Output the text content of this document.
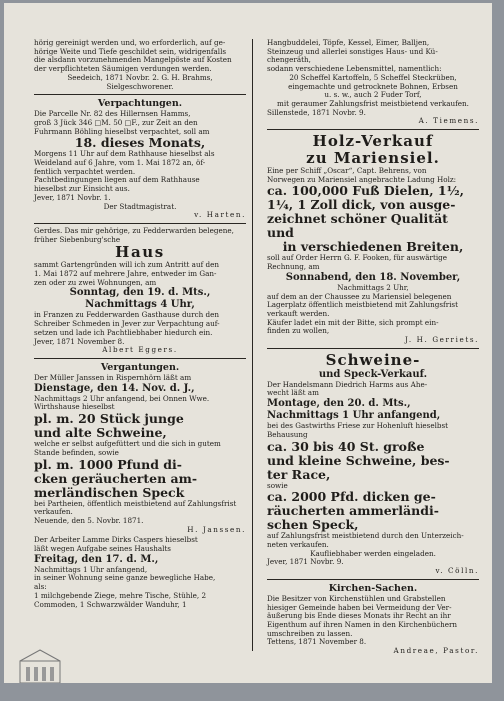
hörig gereinigt werden und, wo erforderlich, auf ge-

hörige Weite und Tiefe geschildet sein, widrigenfalls

die alsdann vorzunehmenden Mangelpöste auf Kosten

der verpflichteten Säumigen verdungen werden.

Seedeich, 1871 Novbr. 2. G. H. Brahms,

Sielgeschworener.

Verpachtungen.

Die Parcelle Nr. 82 des Hillernsen Hamms,

groß 3 Jück 346 □M. 50 □F., zur Zeit an den

Fuhrmann Böhling hieselbst verpachtet, soll am

18. dieses Monats,

Morgens 11 Uhr auf dem Rathhause hieselbst als

Weideland auf 6 Jahre, vom 1. Mai 1872 an, öf-

fentlich verpachtet werden.

Pachtbedingungen liegen auf dem Rathhause

hieselbst zur Einsicht aus.

Jever, 1871 Novbr. 1.

Der Stadtmagistrat.

v. Harten.

Gerdes. Das mir gehörige, zu Fedderwarden belegene,

früher Siebenburg'sche

Haus

sammt Gartengründen will ich zum Antritt auf den

1. Mai 1872 auf mehrere Jahre, entweder im Gan-

zen oder zu zwei Wohnungen, am

Sonntag, den 19. d. Mts.,

Nachmittags 4 Uhr,

in Franzen zu Fedderwarden Gasthause durch den

Schreiber Schmeden in Jever zur Verpachtung auf-

setzen und lade ich Pachtliebhaber hiedurch ein.

Jever, 1871 November 8.

Albert Eggers.

Vergantungen.

Der Müller Janssen in Rispernhörn läßt am

Dienstage, den 14. Nov. d. J.,

Nachmittags 2 Uhr anfangend, bei Onnen Wwe.

Wirthshause hieselbst

pl. m. 20 Stück junge

und alte Schweine,

welche er selbst aufgefüttert und die sich in gutem

Stande befinden, sowie

pl. m. 1000 Pfund di-

cken geräucherten am-

merländischen Speck

bei Partheien, öffentlich meistbietend auf Zahlungsfrist

verkaufen.

Neuende, den 5. Novbr. 1871.

H. Janssen.

Der Arbeiter Lamme Dirks Caspers hieselbst

läßt wegen Aufgabe seines Haushalts

Freitag, den 17. d. M.,

Nachmittags 1 Uhr anfangend,

in seiner Wohnung seine ganze bewegliche Habe,

als:

1 milchgebende Ziege, mehre Tische, Stühle, 2 Commoden, 1 Schwarzwälder Wanduhr, 1

Hangbuddelei, Töpfe, Kessel, Eimer, Balljen,

Steinzeug und allerlei sonstiges Haus- und Kü-

chengeräth,

sodann verschiedene Lebensmittel, namentlich:

20 Scheffel Kartoffeln, 5 Scheffel Steckrüben,

eingemachte und getrocknete Bohnen, Erbsen

u. s. w., auch 2 Fuder Torf,

mit geraumer Zahlungsfrist meistbietend verkaufen.

Sillenstede, 1871 Novbr. 9.

A. Tiemens.

Holz-Verkauf

zu Mariensiel.

Eine per Schiff „Oscar“, Capt. Behrens, von

Norwegen zu Mariensiel angebrachte Ladung Holz:

ca. 100,000 Fuß Dielen, 1½,

1¼, 1 Zoll dick, von ausge-

zeichnet schöner Qualität und

in verschiedenen Breiten,

soll auf Order Herrn G. F. Fooken, für auswärtige

Rechnung, am

Sonnabend, den 18. November,

Nachmittags 2 Uhr,

auf dem an der Chaussee zu Mariensiel belegenen

Lagerplatz öffentlich meistbietend mit Zahlungsfrist

verkauft werden.

Käufer ladet ein mit der Bitte, sich prompt ein-

finden zu wollen,

J. H. Gerriets.

Schweine-

und Speck-Verkauf.

Der Handelsmann Diedrich Harms aus Ahe-

wecht läßt am

Montage, den 20. d. Mts.,

Nachmittags 1 Uhr anfangend,

bei des Gastwirths Friese zur Hohenluft hieselbst

Behausung

ca. 30 bis 40 St. große

und kleine Schweine, bes-

ter Race,

sowie

ca. 2000 Pfd. dicken ge-

räucherten ammerländi-

schen Speck,

auf Zahlungsfrist meistbietend durch den Unterzeich-

neten verkaufen.

Kaufliebhaber werden eingeladen.

Jever, 1871 Novbr. 9.

v. Cölln.

Kirchen-Sachen.

Die Besitzer von Kirchenstühlen und Grabstellen

hiesiger Gemeinde haben bei Vermeidung der Ver-

äußerung bis Ende dieses Monats ihr Recht an ihr

Eigenthum auf ihren Namen in den Kirchenbüchern

umschreiben zu lassen.

Tettens, 1871 November 8.

Andreae, Pastor.
